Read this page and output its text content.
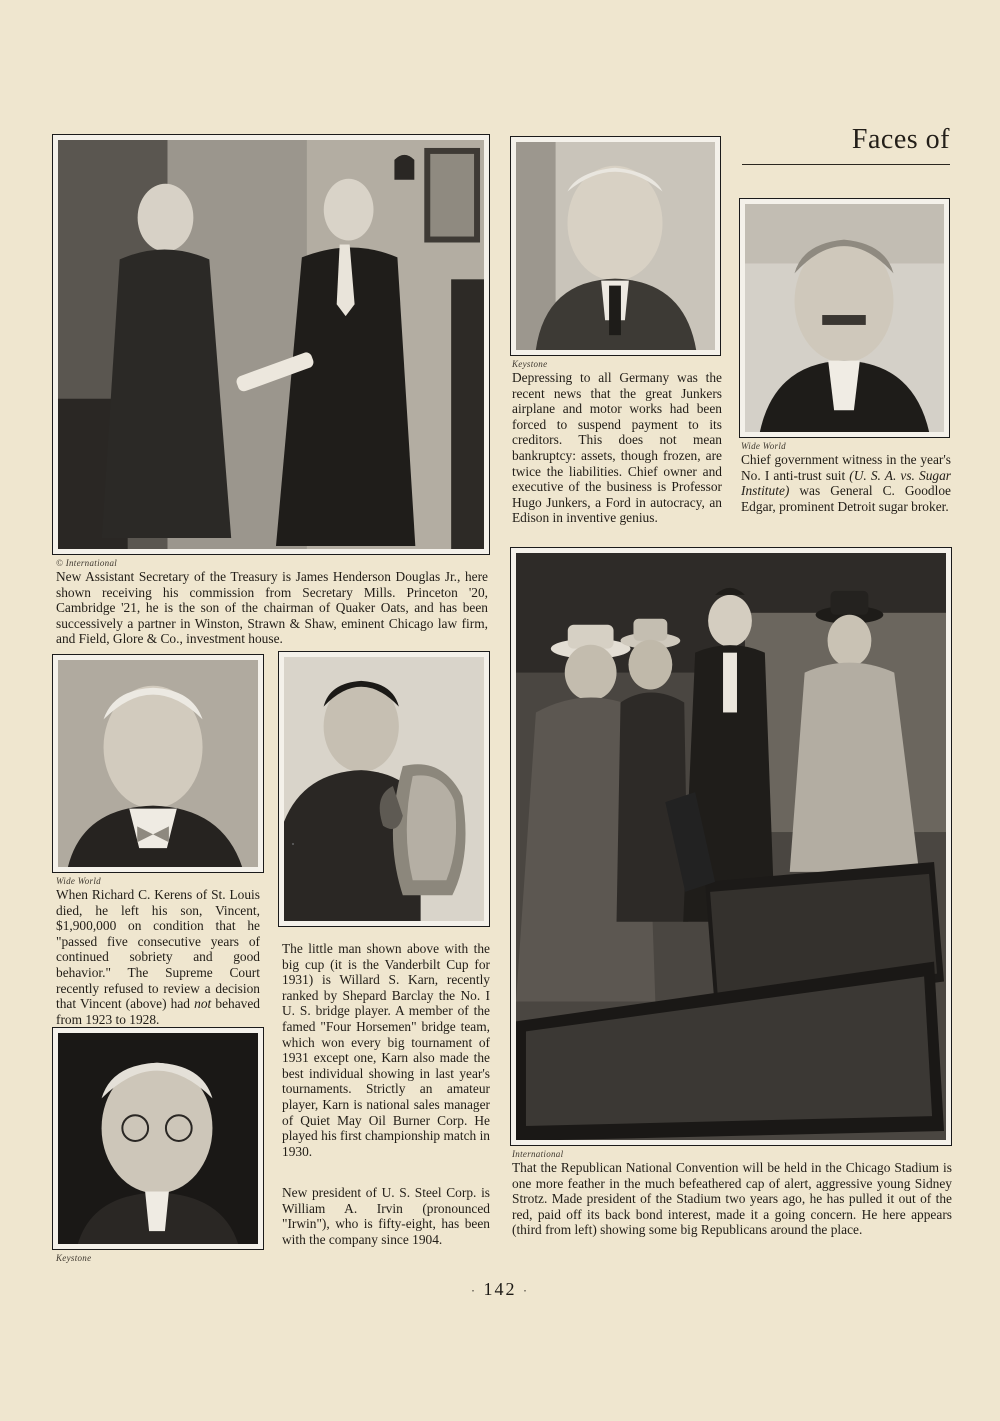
Faces of
© International

New Assistant Secretary of the Treasury is James Henderson Douglas Jr., here shown receiving his commission from Secretary Mills. Princeton '20, Cambridge '21, he is the son of the chairman of Quaker Oats, and has been successively a partner in Winston, Strawn & Shaw, eminent Chicago law firm, and Field, Glore & Co., investment house.

Keystone

Depressing to all Germany was the recent news that the great Junkers airplane and motor works had been forced to suspend payment to its creditors. This does not mean bankruptcy: assets, though frozen, are twice the liabilities. Chief owner and executive of the business is Professor Hugo Junkers, a Ford in autocracy, an Edison in inventive genius.

Wide World

Chief government witness in the year's No. I anti-trust suit (U. S. A. vs. Sugar Institute) was General C. Goodloe Edgar, prominent Detroit sugar broker.

Wide World

When Richard C. Kerens of St. Louis died, he left his son, Vincent, $1,900,000 on condition that he "passed five consecutive years of continued sobriety and good behavior." The Supreme Court recently refused to review a decision that Vincent (above) had not behaved from 1923 to 1928.

The little man shown above with the big cup (it is the Vanderbilt Cup for 1931) is Willard S. Karn, recently ranked by Shepard Barclay the No. I U. S. bridge player. A member of the famed "Four Horsemen" bridge team, which won every big tournament of 1931 except one, Karn also made the best individual showing in last year's tournaments. Strictly an amateur player, Karn is national sales manager of Quiet May Oil Burner Corp. He played his first championship match in 1930.

Keystone

New president of U. S. Steel Corp. is William A. Irvin (pronounced "Irwin"), who is fifty-eight, has been with the company since 1904.

International

That the Republican National Convention will be held in the Chicago Stadium is one more feather in the much befeathered cap of alert, aggressive young Sidney Strotz. Made president of the Stadium two years ago, he has pulled it out of the red, paid off its back bond interest, made it a going concern. He here appears (third from left) showing some big Republicans around the place.

· 142 ·
